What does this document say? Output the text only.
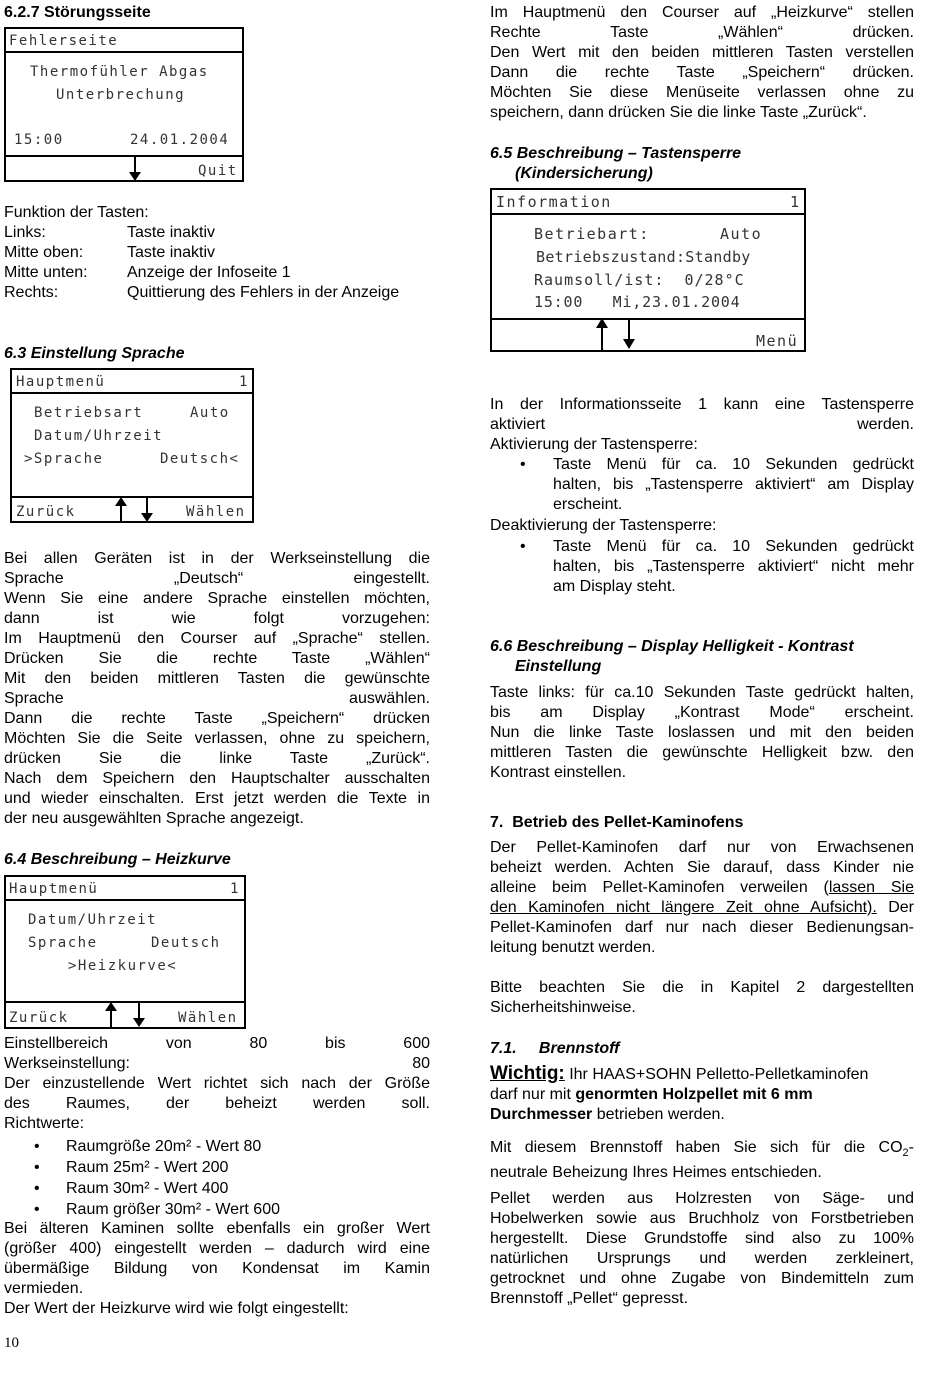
6.2.7 Störungsseite
Fehlerseite
Thermofühler Abgas
Unterbrechung
15:00	24.01.2004
Quit
Funktion der Tasten:
Links:	Taste inaktiv
Mitte oben:	Taste inaktiv
Mitte unten: Anzeige der Infoseite 1
Rechts:	Quittierung des Fehlers in der Anzeige
6.3 Einstellung Sprache
Hauptmenü	1
Betriebsart	Auto
Datum/Uhrzeit
>Sprache	Deutsch<
Zurück	Wählen
Bei allen Geräten ist in der Werkseinstellung die
Sprache „Deutsch“ eingestellt.
Wenn Sie eine andere Sprache einstellen möchten,
dann ist wie folgt vorzugehen:
Im Hauptmenü den Courser auf „Sprache“ stellen.
Drücken Sie die rechte Taste „Wählen“
Mit den beiden mittleren Tasten die gewünschte
Sprache auswählen.
Dann die rechte Taste „Speichern“ drücken
Möchten Sie die Seite verlassen, ohne zu speichern,
drücken Sie die linke Taste „Zurück“.
Nach dem Speichern den Hauptschalter ausschalten
und wieder einschalten. Erst jetzt werden die Texte in
der neu ausgewählten Sprache angezeigt.
6.4 Beschreibung – Heizkurve
Hauptmenü	1
Datum/Uhrzeit
Sprache	Deutsch
>Heizkurve<
Zurück	Wählen
Einstellbereich von 80 bis 600
Werkseinstellung: 80
Der einzustellende Wert richtet sich nach der Größe
des Raumes, der beheizt werden soll.
Richtwerte:
• Raumgröße 20m² - Wert 80
• Raum 25m² - Wert 200
• Raum 30m² - Wert 400
• Raum größer 30m² - Wert 600
Bei älteren Kaminen sollte ebenfalls ein großer Wert
(größer 400) eingestellt werden – dadurch wird eine
übermäßige Bildung von Kondensat im Kamin
vermieden.
Der Wert der Heizkurve wird wie folgt eingestellt:
10
Im Hauptmenü den Courser auf „Heizkurve“ stellen
Rechte Taste „Wählen“ drücken.
Den Wert mit den beiden mittleren Tasten verstellen
Dann die rechte Taste „Speichern“ drücken.
Möchten Sie diese Menüseite verlassen ohne zu
speichern, dann drücken Sie die linke Taste „Zurück“.
6.5 Beschreibung – Tastensperre
(Kindersicherung)
Information	1
Betriebart:	Auto
Betriebszustand:Standby
Raumsoll/ist:  0/28°C
15:00   Mi,23.01.2004
Menü
In der Informationsseite 1 kann eine Tastensperre
aktiviert werden.
Aktivierung der Tastensperre:
• Taste Menü für ca. 10 Sekunden gedrückt
halten, bis „Tastensperre aktiviert“ am Display
erscheint.
Deaktivierung der Tastensperre:
• Taste Menü für ca. 10 Sekunden gedrückt
halten, bis „Tastensperre aktiviert“ nicht mehr
am Display steht.
6.6 Beschreibung – Display Helligkeit - Kontrast
Einstellung
Taste links: für ca.10 Sekunden Taste gedrückt halten,
bis am Display „Kontrast Mode“ erscheint.
Nun die linke Taste loslassen und mit den beiden
mittleren Tasten die gewünschte Helligkeit bzw. den
Kontrast einstellen.
7.  Betrieb des Pellet-Kaminofens
Der Pellet-Kaminofen darf nur von Erwachsenen
beheizt werden. Achten Sie darauf, dass Kinder nie
alleine beim Pellet-Kaminofen verweilen (lassen Sie
den Kaminofen nicht längere Zeit ohne Aufsicht). Der
Pellet-Kaminofen darf nur nach dieser Bedienungsan-
leitung benutzt werden.
Bitte beachten Sie die in Kapitel 2 dargestellten
Sicherheitshinweise.
7.1.     Brennstoff
Wichtig: Ihr HAAS+SOHN Pelletto-Pelletkaminofen
darf nur mit genormten Holzpellet mit 6 mm
Durchmesser betrieben werden.
Mit diesem Brennstoff haben Sie sich für die $CO_2-$
neutrale Beheizung Ihres Heimes entschieden.
Pellet werden aus Holzresten von Säge- und
Hobelwerken sowie aus Bruchholz von Forstbetrieben
hergestellt. Diese Grundstoffe sind also zu 100%
natürlichen Ursprungs und werden zerkleinert,
getrocknet und ohne Zugabe von Bindemitteln zum
Brennstoff „Pellet“ gepresst.
